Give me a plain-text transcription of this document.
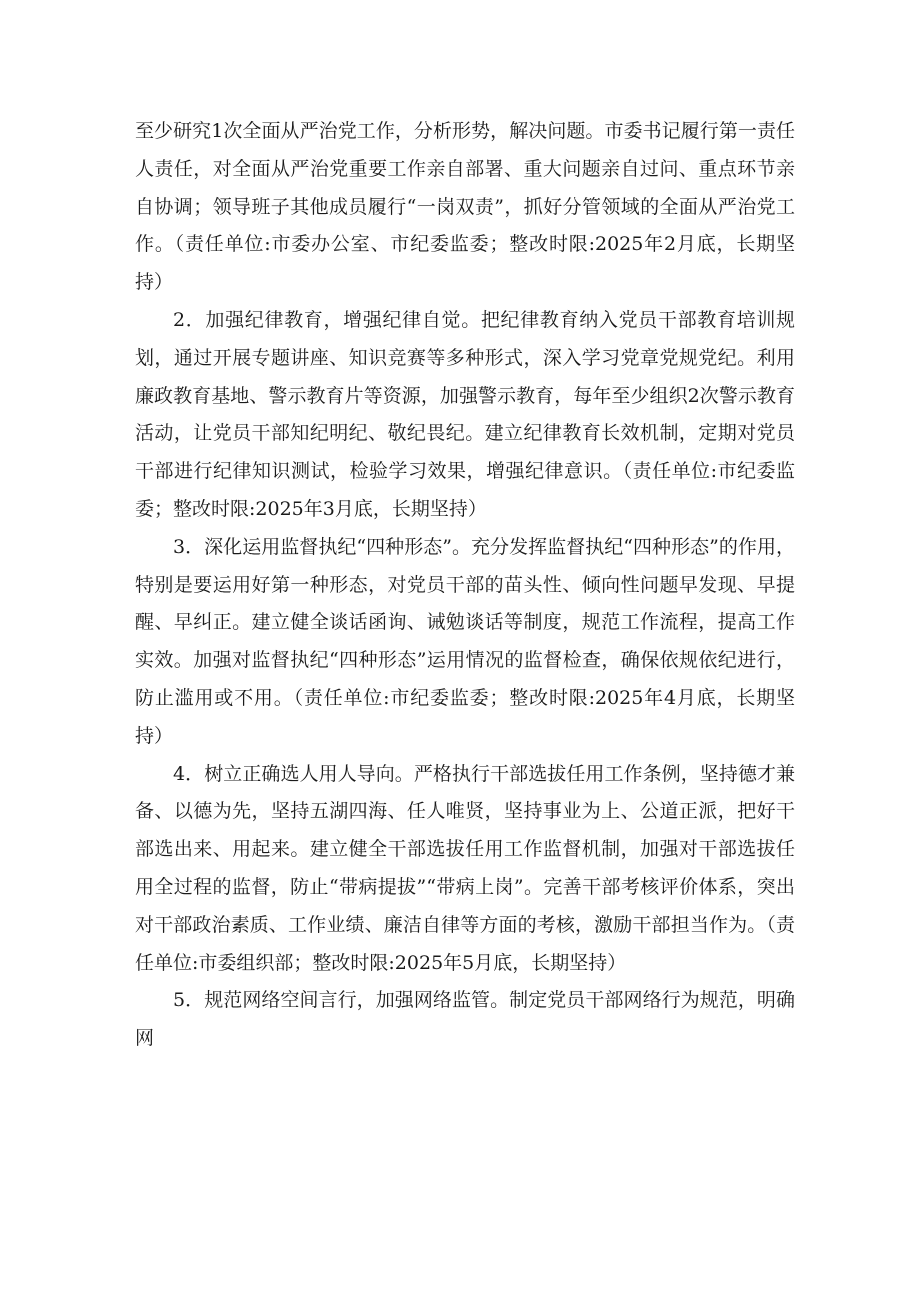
至少研究1次全面从严治党工作，分析形势，解决问题。市委书记履行第一责任人责任，对全面从严治党重要工作亲自部署、重大问题亲自过问、重点环节亲自协调；领导班子其他成员履行“一岗双责”，抓好分管领域的全面从严治党工作。（责任单位:市委办公室、市纪委监委；整改时限:2025年2月底，长期坚持）

2．加强纪律教育，增强纪律自觉。把纪律教育纳入党员干部教育培训规划，通过开展专题讲座、知识竞赛等多种形式，深入学习党章党规党纪。利用廉政教育基地、警示教育片等资源，加强警示教育，每年至少组织2次警示教育活动，让党员干部知纪明纪、敬纪畏纪。建立纪律教育长效机制，定期对党员干部进行纪律知识测试，检验学习效果，增强纪律意识。（责任单位:市纪委监委；整改时限:2025年3月底，长期坚持）

3．深化运用监督执纪“四种形态”。充分发挥监督执纪“四种形态”的作用，特别是要运用好第一种形态，对党员干部的苗头性、倾向性问题早发现、早提醒、早纠正。建立健全谈话函询、诫勉谈话等制度，规范工作流程，提高工作实效。加强对监督执纪“四种形态”运用情况的监督检查，确保依规依纪进行，防止滥用或不用。（责任单位:市纪委监委；整改时限:2025年4月底，长期坚持）

4．树立正确选人用人导向。严格执行干部选拔任用工作条例，坚持德才兼备、以德为先，坚持五湖四海、任人唯贤，坚持事业为上、公道正派，把好干部选出来、用起来。建立健全干部选拔任用工作监督机制，加强对干部选拔任用全过程的监督，防止“带病提拔”“带病上岗”。完善干部考核评价体系，突出对干部政治素质、工作业绩、廉洁自律等方面的考核，激励干部担当作为。（责任单位:市委组织部；整改时限:2025年5月底，长期坚持）

5．规范网络空间言行，加强网络监管。制定党员干部网络行为规范，明确网
